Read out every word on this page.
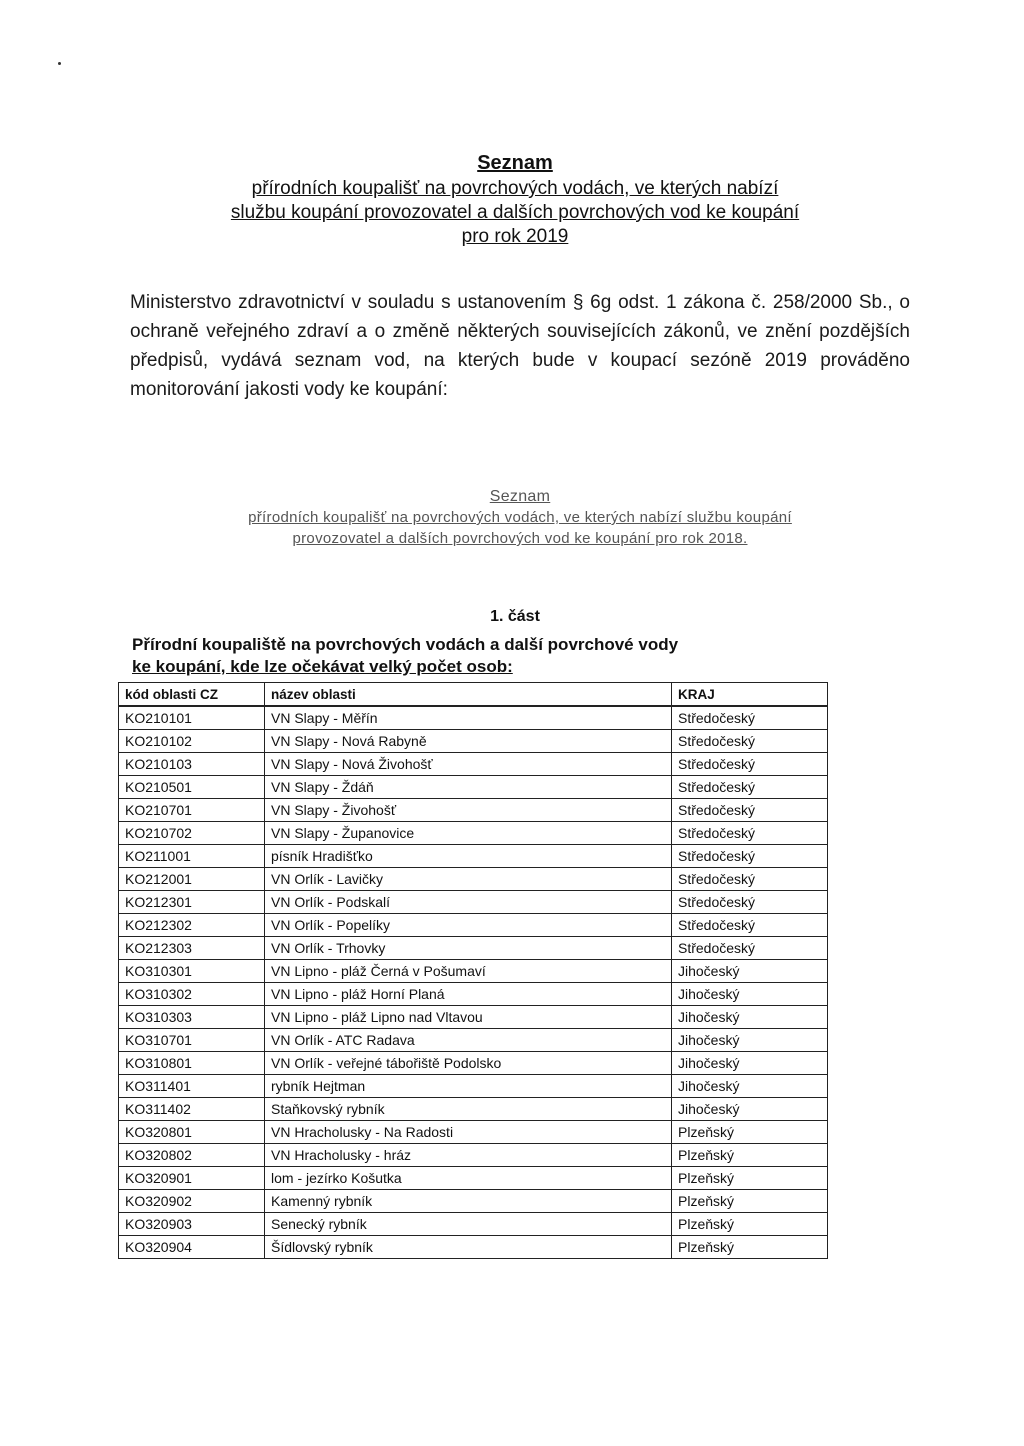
Seznam
přírodních koupališť na povrchových vodách, ve kterých nabízí
službu koupání provozovatel a dalších povrchových vod ke koupání
pro rok 2019
Ministerstvo zdravotnictví v souladu s ustanovením § 6g odst. 1 zákona č. 258/2000 Sb., o ochraně veřejného zdraví a o změně některých souvisejících zákonů, ve znění pozdějších předpisů, vydává seznam vod, na kterých bude v koupací sezóně 2019 prováděno monitorování jakosti vody ke koupání:
Seznam
přírodních koupališť na povrchových vodách, ve kterých nabízí službu koupání
provozovatel a dalších povrchových vod ke koupání pro rok 2018.
1. část
Přírodní koupaliště na povrchových vodách a další povrchové vody
ke koupání, kde lze očekávat velký počet osob:
kód oblasti CZ	název oblasti	KRAJ
KO210101	VN Slapy - Měřín	Středočeský
KO210102	VN Slapy - Nová Rabyně	Středočeský
KO210103	VN Slapy - Nová Živohošť	Středočeský
KO210501	VN Slapy - Ždáň	Středočeský
KO210701	VN Slapy - Živohošť	Středočeský
KO210702	VN Slapy - Županovice	Středočeský
KO211001	písník Hradišťko	Středočeský
KO212001	VN Orlík - Lavičky	Středočeský
KO212301	VN Orlík - Podskalí	Středočeský
KO212302	VN Orlík - Popelíky	Středočeský
KO212303	VN Orlík - Trhovky	Středočeský
KO310301	VN Lipno - pláž Černá v Pošumaví	Jihočeský
KO310302	VN Lipno - pláž Horní Planá	Jihočeský
KO310303	VN Lipno - pláž Lipno nad Vltavou	Jihočeský
KO310701	VN Orlík - ATC Radava	Jihočeský
KO310801	VN Orlík - veřejné tábořiště Podolsko	Jihočeský
KO311401	rybník Hejtman	Jihočeský
KO311402	Staňkovský rybník	Jihočeský
KO320801	VN Hracholusky - Na Radosti	Plzeňský
KO320802	VN Hracholusky - hráz	Plzeňský
KO320901	lom - jezírko Košutka	Plzeňský
KO320902	Kamenný rybník	Plzeňský
KO320903	Senecký rybník	Plzeňský
KO320904	Šídlovský rybník	Plzeňský
